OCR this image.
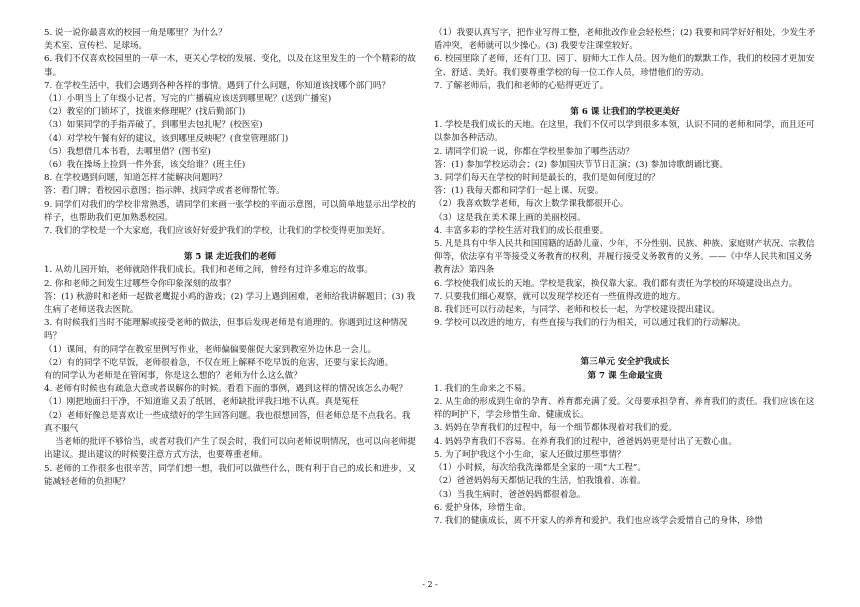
5. 说一说你最喜欢的校园一角是哪里？为什么？

美术室、宣传栏、足球场。

6. 我们不仅喜欢校园里的一草一木，更关心学校的发展、变化，以及在这里发生的一个个精彩的故事。

7. 在学校生活中，我们会遇到各种各样的事情。遇到了什么问题，你知道该找哪个部门吗？

（1）小明当上了年级小记者，写完的广播稿应该送到哪里呢？(送到广播室)

（2）教室的门锁坏了，找谁来修理呢？(找后勤部门)

（3）如果同学的手指弄破了，到哪里去包扎呢？(校医室)

（4）对学校午餐有好的建议，该到哪里反映呢？(食堂管理部门)

（5）我想借几本书看，去哪里借？(图书室)

（6）我在操场上捡到一件外套，该交给谁？(班主任)

8. 在学校遇到问题，知道怎样才能解决问题吗？

答：看门牌；看校园示意图；指示牌、找同学或者老师帮忙等。

9. 同学们对我们的学校非常熟悉，请同学们来画一张学校的平面示意图，可以简单地显示出学校的样子，也帮助我们更加熟悉校园。

7. 我们的学校是一个大家庭，我们应该好好爱护我们的学校，让我们的学校变得更加美好。

第 5 课 走近我们的老师

1. 从幼儿园开始，老师就陪伴我们成长。我们和老师之间，曾经有过许多难忘的故事。

2. 你和老师之间发生过哪些令你印象深刻的故事？

答：(1) 秋游时和老师一起做老鹰捉小鸡的游戏；(2) 学习上遇到困难，老师给我讲解题目；(3) 我生病了老师送我去医院。

3. 有时候我们当时不能理解或接受老师的做法，但事后发现老师是有道理的。你遇到过这种情况吗？

（1）课间，有的同学在教室里例写作业，老师偏偏要催促大家到教室外边休息一会儿。

（2）有的同学不吃早饭，老师很着急，不仅在班上解释不吃早饭的危害，还要与家长沟通。

有的同学认为老师是在管闲事，你是这么想的？老师为什么这么做？

4. 老师有时候也有疏急大意或者误解你的时候。看看下面的事例，遇到这样的情况该怎么办呢？

（1）刚把地面扫干净，不知道谁又丢了纸屑，老师缺批评我扫地不认真。真是冤枉

（2）老师好像总是喜欢让一些成绩好的学生回答问题。我也很想回答，但老师总是不点我名。我真不服气

当老师的批评不够恰当，或者对我们产生了误会时，我们可以向老师说明情况，也可以向老师提出建议。提出建议的时候要注意方式方法，也要尊重老师。

5. 老师的工作很多也很辛苦，同学们想一想，我们可以做些什么，既有利于自己的成长和进步，又能减轻老师的负担呢？

（1）我要认真写字，把作业写得工整，老师批改作业会轻松些；(2) 我要和同学好好相处，少发生矛盾冲突，老师就可以少操心。(3) 我要专注课堂较好。

6. 校园里除了老师，还有门卫、园丁、厨师大工作人员。因为他们的默默工作，我们的校园才更加安全、舒适、美好。我们要尊重学校的每一位工作人员，珍惜他们的劳动。

7. 了解老师后，我们和老师的心贴得更近了。

第 6 课 让我们的学校更美好

1. 学校是我们成长的天地。在这里，我们不仅可以学到很多本领，认识不同的老师和同学，而且还可以参加各种活动。

2. 请同学们说一说，你都在学校里参加了哪些活动？

答：(1) 参加学校运动会；(2) 参加国庆节节日汇演；(3) 参加诗歌朗诵比赛。

3. 同学们每天在学校的时间是最长的，我们是如何度过的？

答：(1) 我每天都和同学们一起上课、玩耍。

（2）我喜欢数学老师，每次上数学课我都很开心。

（3）这是我在美术课上画的美丽校园。

4. 丰富多彩的学校生活对我们的成长很重要。

5. 凡是具有中华人民共和国国籍的适龄儿童、少年，不分性别、民族、种族、家庭财产状况、宗教信仰等，依法享有平等接受义务教育的权利，并履行接受义务教育的义务。——《中华人民共和国义务教育法》第四条

6. 学校使我们成长的天地。学校是我家，换仅靠大家。我们都有责任为学校的环境建设出点力。

7. 只要我们细心观察，就可以发现学校还有一些值得改进的地方。

8. 我们还可以行动起来，与同学、老师和校长一起，为学校建设提出建议。

9. 学校可以改进的地方，有些直接与我们的行为相关，可以通过我们的行动解决。

第三单元 安全护我成长

第 7 课 生命最宝贵

1. 我们的生命来之不易。

2. 从生命的形成到生命的孕育、养育都充满了爱。父母要承担孕育、养育我们的责任。我们应该在这样的呵护下，学会珍惜生命、健康成长。

3. 妈妈在孕育我们的过程中，每一个细节都体现着对我们的爱。

4. 妈妈孕育我们不容易。在养育我们的过程中，爸爸妈妈更是付出了无数心血。

5. 为了呵护我这个小生命，家人还做过那些事情？

（1）小时候，每次给我洗澡都是全家的一项“大工程”。

（2）爸爸妈妈每天都惦记我的生活，怕我饿着、冻着。

（3）当我生病时，爸爸妈妈都很着急。

6. 爱护身体，珍惜生命。

7. 我们的健康成长，离不开家人的养育和爱护。我们也应该学会爱惜自己的身体，珍惜

- 2 -
